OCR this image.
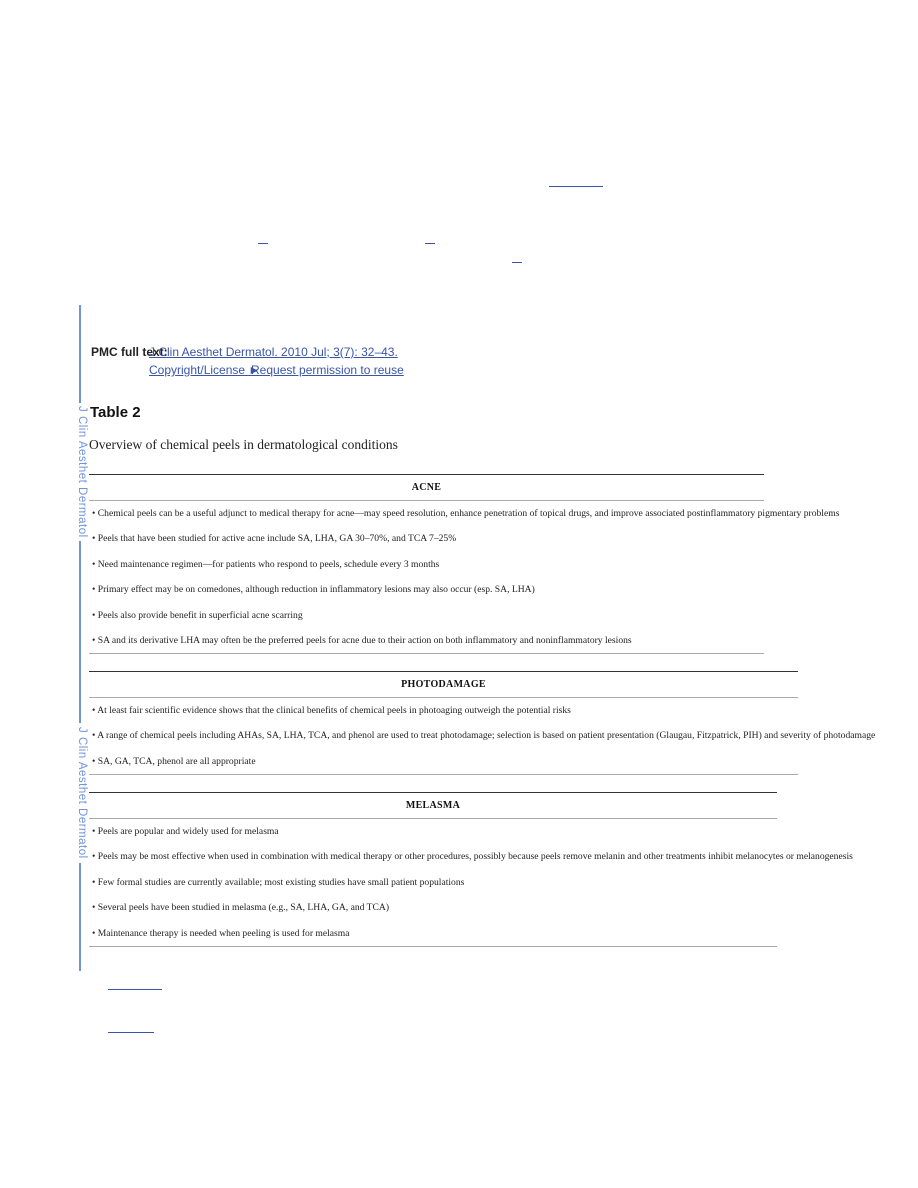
J Clin Aesthet Dermatol
J Clin Aesthet Dermatol
PMC full text:
J Clin Aesthet Dermatol. 2010 Jul; 3(7): 32–43.
Copyright/License ►
Request permission to reuse
Table 2
Overview of chemical peels in dermatological conditions
ACNE
• Chemical peels can be a useful adjunct to medical therapy for acne—may speed resolution, enhance penetration of topical drugs, and improve associated postinflammatory pigmentary problems
• Peels that have been studied for active acne include SA, LHA, GA 30–70%, and TCA 7–25%
• Need maintenance regimen—for patients who respond to peels, schedule every 3 months
• Primary effect may be on comedones, although reduction in inflammatory lesions may also occur (esp. SA, LHA)
• Peels also provide benefit in superficial acne scarring
• SA and its derivative LHA may often be the preferred peels for acne due to their action on both inflammatory and noninflammatory lesions
PHOTODAMAGE
• At least fair scientific evidence shows that the clinical benefits of chemical peels in photoaging outweigh the potential risks
• A range of chemical peels including AHAs, SA, LHA, TCA, and phenol are used to treat photodamage; selection is based on patient presentation (Glaugau, Fitzpatrick, PIH) and severity of photodamage
• SA, GA, TCA, phenol are all appropriate
MELASMA
• Peels are popular and widely used for melasma
• Peels may be most effective when used in combination with medical therapy or other procedures, possibly because peels remove melanin and other treatments inhibit melanocytes or melanogenesis
• Few formal studies are currently available; most existing studies have small patient populations
• Several peels have been studied in melasma (e.g., SA, LHA, GA, and TCA)
• Maintenance therapy is needed when peeling is used for melasma
